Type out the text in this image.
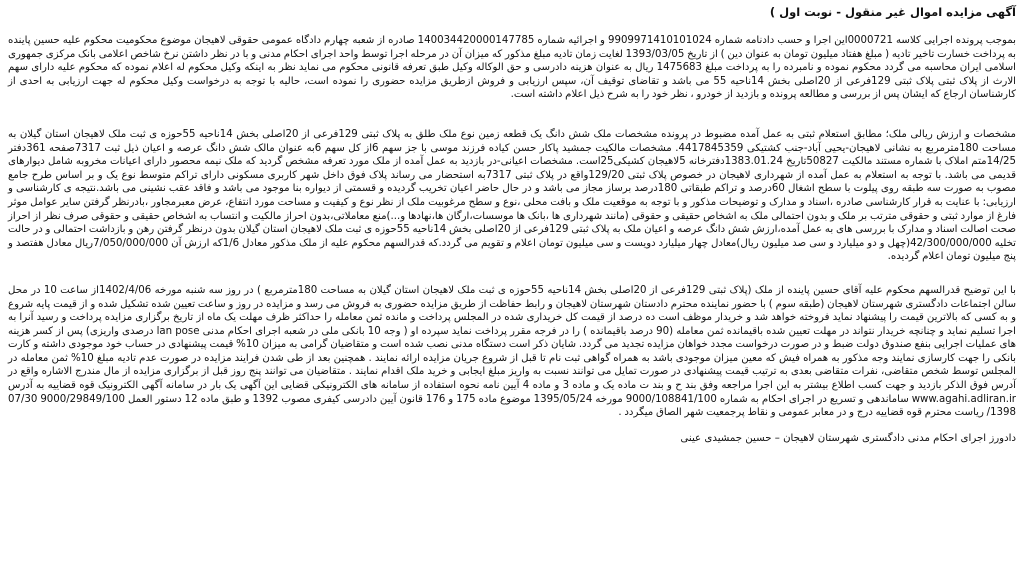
آگهی مزایده اموال غیر منقول - نوبت اول )

بموجب پرونده اجرایی کلاسه 0000721این اجرا و حسب دادنامه شماره 9909971410101024 و اجرائیه شماره 140034420000147785 صادره از شعبه چهارم دادگاه عمومی حقوقی لاهیجان موضوع محکومیت محکوم علیه حسین پاینده به پرداخت خسارت تاخیر تادیه ( مبلغ هفتاد میلیون تومان به عنوان دین ) از تاریخ 1393/03/05 لغایت زمان تادیه مبلغ مذکور که میزان آن در مرحله اجرا توسط واحد اجرای احکام مدنی و با در نظر داشتن نرخ شاخص اعلامی بانک مرکزی جمهوری اسلامی ایران محاسبه می گردد محکوم نموده و نامبرده را به پرداخت مبلغ 1475683 ریال به عنوان هزینه دادرسی و حق الوکاله وکیل طبق تعرفه قانونی محکوم می نماید نظر به اینکه وکیل محکوم له اعلام نموده که محکوم علیه دارای سهم الارث از پلاک ثبتی پلاک ثبتی 129فرعی از 20اصلی بخش 14ناحیه 55 می باشد و تقاضای توقیف آن، سپس ارزیابی و فروش ازطریق مزایده حضوری را نموده است، حالیه با توجه به درخواست وکیل محکوم له جهت ارزیابی به احدی از کارشناسان ارجاع که ایشان پس از بررسی و مطالعه پرونده و بازدید از خودرو ، نظر خود را به شرح ذیل اعلام داشته است.

مشخصات و ارزش ریالی ملک؛ مطابق استعلام ثبتی به عمل آمده مضبوط در پرونده مشخصات ملک شش دانگ یک قطعه زمین نوع ملک طلق به پلاک ثبتی 129فرعی از 20اصلی بخش 14ناحیه 55حوزه ی ثبت ملک لاهیجان استان گیلان به مساحت 180مترمربع به نشانی لاهیجان-یحیی آباد-جنب کشتیکی 4417845359. مشخصات مالکیت جمشید پاکار حسن کیاده فرزند موسی با جز سهم 6از کل سهم 6به عنوان مالک شش دانگ عرصه و اعیان ذیل ثبت 7317صفحه 361دفتر 14/25متم املاک با شماره مستند مالکیت 50827تاریخ 1383.01.24دفترخانه 5لاهیجان کشیکی25است. مشخصات اعیانی-در بازدید به عمل آمده از ملک مورد تعرفه مشخص گردید که ملک نیمه محصور دارای اعیانات مخروبه شامل دیوارهای قدیمی می باشد. با توجه به استعلام به عمل آمده از شهرداری لاهیجان در خصوص پلاک ثبتی 129/20واقع در پلاک ثبتی 7317به استحضار می رساند پلاک فوق داخل شهر کاربری مسکونی دارای تراکم متوسط نوع یک و بر اساس طرح جامع مصوب به صورت سه طبقه روی پیلوت با سطح اشغال 60درصد و تراکم طبقاتی 180درصد برساز مجاز می باشد و در حال حاضر اعیان تخریب گردیده و قسمتی از دیواره بنا موجود می باشد و فاقد عقب نشینی می باشد.نتیجه ی کارشناسی و ارزیابی: با عنایت به قرار کارشناسی صادره ،اسناد و مدارک و توضیحات مذکور و با توجه به موقعیت ملک و بافت محلی ،نوع و سطح مرغوبیت ملک از نظر نوع و کیفیت و مساحت مورد انتفاع، عرض معبرمجاور ،بادرنظر گرفتن سایر عوامل موثر فارغ از موارد ثبتی و حقوقی مترتب بر ملک و بدون احتمالی ملک به اشخاص حقیقی و حقوقی (مانند شهرداری ها ،بانک ها موسسات،ارگان ها،نهادها و...)منع معاملاتی،بدون احراز مالکیت و انتساب به اشخاص حقیقی و حقوقی صرف نظر از احراز صحت اصالت اسناد و مدارک با بررسی های به عمل آمده،ارزش شش دانگ عرصه و اعیان ملک به پلاک ثبتی 129فرعی از 20اصلی بخش 14ناحیه 55حوزه ی ثبت ملک لاهیجان استان گیلان بدون درنظر گرفتن رهن و بازداشت احتمالی و در حالت تخلیه 42/300/000/000(چهل و دو میلیارد و سی صد میلیون ریال)معادل چهار میلیارد دویست و سی میلیون تومان اعلام و تقویم می گردد.که قدرالسهم محکوم علیه از ملک مذکور معادل 1/6که ارزش آن 7/050/000/000ریال معادل هفتصد و پنج میلیون تومان اعلام گردیده.

با این توضیح قدرالسهم محکوم علیه آقای حسین پاینده از ملک (پلاک ثبتی 129فرعی از 20اصلی بخش 14ناحیه 55حوزه ی ثبت ملک لاهیجان استان گیلان به مساحت 180مترمربع ) در روز سه شنبه مورخه 1402/4/06از ساعت 10 در محل سالن اجتماعات دادگستری شهرستان لاهیجان (طبقه سوم ) با حضور نماینده محترم دادستان شهرستان لاهیجان و رابط حفاظت از طریق مزایده حضوری به فروش می رسد و مزایده در روز و ساعت تعیین شده تشکیل شده و از قیمت پایه شروع و به کسی که بالاترین قیمت را پیشنهاد نماید فروخته خواهد شد و خریدار موظف است ده درصد از قیمت کل خریداری شده در المجلس پرداخت و مانده ثمن معامله را حداکثر ظرف مهلت یک ماه از تاریخ برگزاری مزایده پرداخت و رسید آنرا به اجرا تسلیم نماید و چنانچه خریدار نتواند در مهلت تعیین شده باقیمانده ثمن معامله (90 درصد باقیمانده ) را در فرجه مقرر پرداخت نماید سپرده او ( وجه 10 بانکی ملی در شعبه اجرای احکام مدنی lan pose درصدی واریزی) پس از کسر هزینه های عملیات اجرایی بنفع صندوق دولت ضبط و در صورت درخواست مجدد خواهان مزایده تجدید می گردد. شایان ذکر است دستگاه مدنی نصب شده است و متقاضیان گرامی به میزان 10% قیمت پیشنهادی در حساب خود موجودی داشته و کارت بانکی را جهت کارسازی نمایند وجه مذکور به همراه فیش که معین میزان موجودی باشد به همراه گواهی ثبت نام تا قبل از شروع جریان مزایده ارائه نمایند . همچنین بعد از طی شدن فرایند مزایده در صورت عدم تادیه مبلغ 10% ثمن معامله در المجلس توسط شخص متقاضی، نفرات متقاضی بعدی به ترتیب قیمت پیشنهادی در صورت تمایل می توانند نسبت به واریز مبلغ ایجابی و خرید ملک اقدام نمایند . متقاضیان می توانند پنج روز قبل از برگزاری مزایده از مال مندرج الاشاره واقع در آدرس فوق الذکر بازدید و جهت کسب اطلاع بیشتر به این اجرا مراجعه وفق بند ح و بند ت ماده یک و ماده 3 و ماده 4 آیین نامه نحوه استفاده از سامانه های الکترونیکی قضایی این آگهی یک بار در سامانه آگهی الکترونیک قوه قضاییه به آدرس www.agahi.adliran.ir ساماندهی و تسریع در اجرای احکام به شماره 9000/108841/100 مورخه 1395/05/24 موضوع ماده 175 و 176 قانون آیین دادرسی کیفری مصوب 1392 و طبق ماده 12 دستور العمل 9000/29849/100 07/30 1398/ ریاست محترم قوه قضاییه درج و در معابر عمومی و نقاط پرجمعیت شهر الصاق میگردد .

دادورز اجرای احکام مدنی دادگستری شهرستان لاهیجان – حسین جمشیدی عینی
